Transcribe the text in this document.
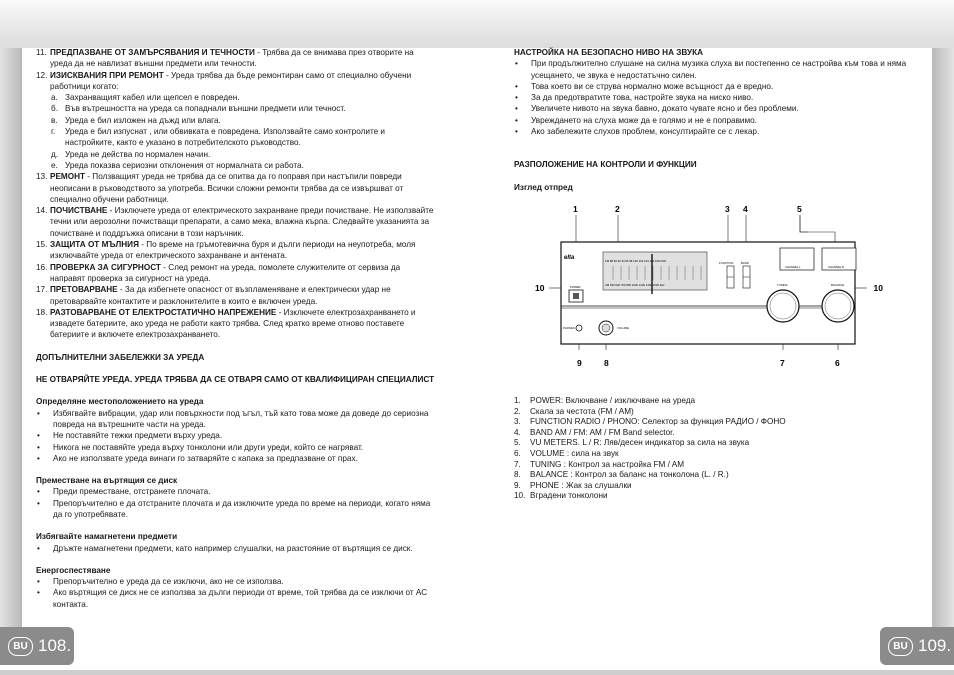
11. ПРЕДПАЗВАНЕ ОТ ЗАМЪРСЯВАНИЯ И ТЕЧНОСТИ - Трябва да се внимава през отворите на уреда да не навлизат външни предмети или течности.
12. ИЗИСКВАНИЯ ПРИ РЕМОНТ - Уреда трябва да бъде ремонтиран само от специално обучени работници когато:
а. Захранващият кабел или щепсел е повреден.
б. Във вътрешността на уреда са попаднали външни предмети или течност.
в. Уреда е бил изложен на дъжд или влага.
г.	Уреда е бил изпуснат , или обвивката е повредена. Използвайте само контролите и настройките, както е указано в потребителското ръководство.
д. Уреда не действа по нормален начин.
е. Уреда показва сериозни отклонения от нормалната си работа.
13. РЕМОНТ - Ползващият уреда не трябва да се опитва да го поправя при настъпили повреди неописани в ръководството за употреба. Всички сложни ремонти трябва да се извършват от специално обучени работници.
14. ПОЧИСТВАНЕ - Изключете уреда от електрическото захранване преди почистване. Не използвайте течни или аерозолни почистващи препарати, а само мека, влажна кърпа. Следвайте указанията за почистване и поддръжка описани в този наръчник.
15. ЗАЩИТА ОТ МЪЛНИЯ - По време на гръмотевична буря и дълги периоди на неупотреба, моля изключвайте уреда от електрическото захранване и антената.
16. ПРОВЕРКА ЗА СИГУРНОСТ - След ремонт на уреда, помолете служителите от сервиза да направят проверка за сигурност на уреда.
17. ПРЕТОВАРВАНЕ - За да избегнете опасност от възпламеняване и електрически удар не претоварвайте контактите и разклонителите в които е включен уреда.
18. РАЗТОВАРВАНЕ ОТ ЕЛЕКТРОСТАТИЧНО НАПРЕЖЕНИЕ - Изключете електрозахранването и извадете батериите, ако уреда не работи както трябва. След кратко време отново поставете батериите и включете електрозахранването.
ДОПЪЛНИТЕЛНИ ЗАБЕЛЕЖКИ ЗА УРЕДА
НЕ ОТВАРЯЙТЕ УРЕДА. УРЕДА ТРЯБВА ДА СЕ ОТВАРЯ САМО ОТ КВАЛИФИЦИРАН СПЕЦИАЛИСТ
Определяне местоположението на уреда
•	Избягвайте вибрации, удар или повърхности под ъгъл, тъй като това може да доведе до сериозна повреда на вътрешните части на уреда.
•	Не поставяйте тежки предмети върху уреда.
•	Никога не поставяйте уреда върху тонколони или други уреди, който се нагряват.
•	Ако не използвате уреда винаги го затваряйте с капака за предпазване от прах.
Преместване на въртящия се диск
•	Преди преместване, отстранете плочата.
•	Препоръчително е да отстраните плочата и да изключите уреда по време на периоди, когато няма да го употребявате.
Избягвайте намагнетени предмети
•	Дръжте намагнетени предмети, като например слушалки, на разстояние от въртящия се диск.
Енергоспестяване
•	Препоръчително е уреда да се изключи, ако не се използва.
•	Ако въртящия се диск не се използва за дълги периоди от време, той трябва да се изключи от AC контакта.
НАСТРОЙКА НА БЕЗОПАСНО НИВО НА ЗВУКА
•	При продължително слушане на силна музика слуха ви постепенно се настройва към това и няма усещането, че звука е недостатъчно силен.
•	Това което ви се струва нормално може всъщност да е вредно.
•	За да предотвратите това, настройте звука на ниско ниво.
•	Увеличете нивото на звука бавно, докато чувате ясно и без проблеми.
•	Увреждането на слуха може да е голямо и не е поправимо.
•	Ако забележите слухов проблем, консултирайте се с лекар.
РАЗПОЛОЖЕНИЕ НА КОНТРОЛИ И ФУНКЦИИ
Изглед отпред
1	2	3 4	5
10	10
9	8	7	6
elta	FM 88 90 92 94 96 98 100 102 104 106 108 MHz
AM 530 600 700 800 1000 1200 1400 1600 kHz
FUNCTION	BAND
CHANNEL L	CHANNEL R
POWER	TUNING	BALANCE
PHONES	VOLUME
1.	POWER: Включване / изключване на уреда
2.	Скала за честота (FM / AM)
3.	FUNCTION RADIO / PHONO: Селектор за функция РАДИО / ФОНО
4.	BAND AM / FM: AM / FM Band selector.
5.	VU METERS. L / R: Ляв/десен индикатор за сила на звука
6.	VOLUME : сила на звук
7.	TUNING : Контрол за настройка FM / AM
8.	BALANCE : Контрол за баланс на тонколона (L. / R.)
9.	PHONE : Жак за слушалки
10. Вградени тонколони
BU 108.	BU 109.
